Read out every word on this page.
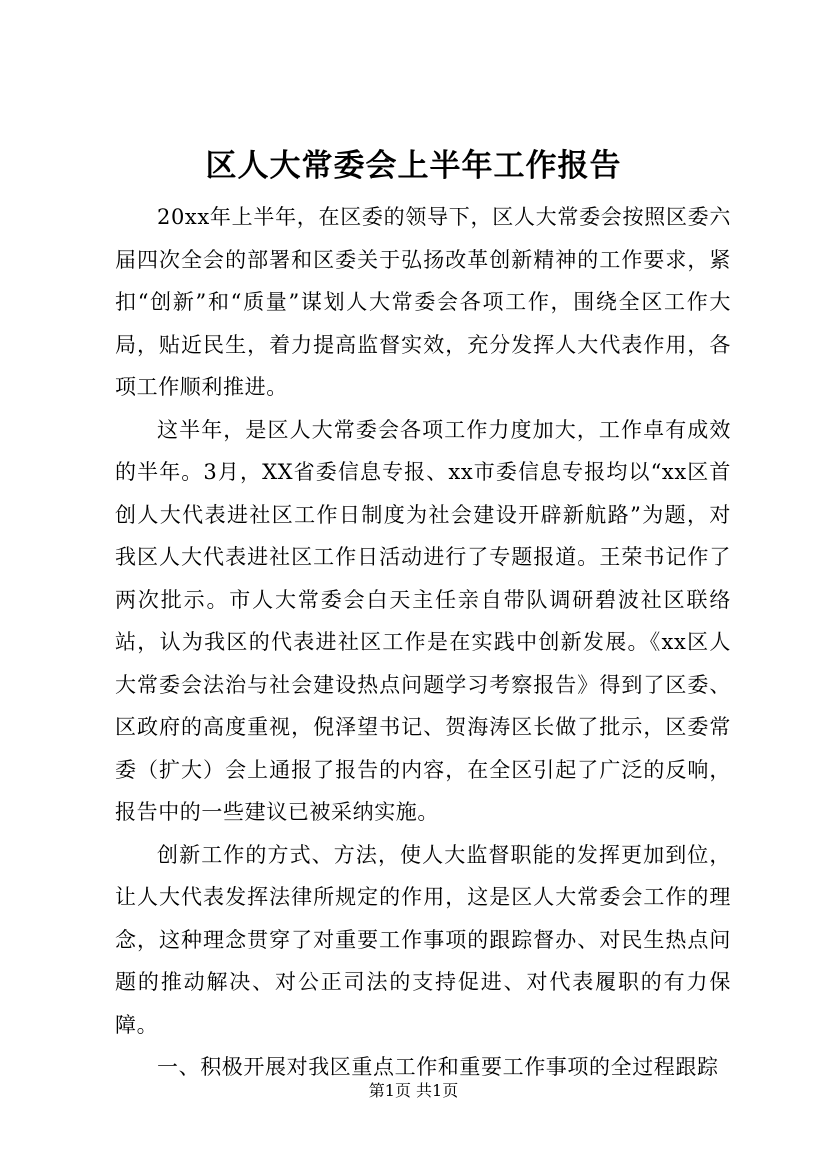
区人大常委会上半年工作报告

20xx年上半年，在区委的领导下，区人大常委会按照区委六届四次全会的部署和区委关于弘扬改革创新精神的工作要求，紧扣“创新”和“质量”谋划人大常委会各项工作，围绕全区工作大局，贴近民生，着力提高监督实效，充分发挥人大代表作用，各项工作顺利推进。

这半年，是区人大常委会各项工作力度加大，工作卓有成效的半年。3月，XX省委信息专报、xx市委信息专报均以“xx区首创人大代表进社区工作日制度为社会建设开辟新航路”为题，对我区人大代表进社区工作日活动进行了专题报道。王荣书记作了两次批示。市人大常委会白天主任亲自带队调研碧波社区联络站，认为我区的代表进社区工作是在实践中创新发展。《xx区人大常委会法治与社会建设热点问题学习考察报告》得到了区委、区政府的高度重视，倪泽望书记、贺海涛区长做了批示，区委常委（扩大）会上通报了报告的内容，在全区引起了广泛的反响，报告中的一些建议已被采纳实施。

创新工作的方式、方法，使人大监督职能的发挥更加到位，让人大代表发挥法律所规定的作用，这是区人大常委会工作的理念，这种理念贯穿了对重要工作事项的跟踪督办、对民生热点问题的推动解决、对公正司法的支持促进、对代表履职的有力保障。

一、积极开展对我区重点工作和重要工作事项的全过程跟踪

第1页 共1页
